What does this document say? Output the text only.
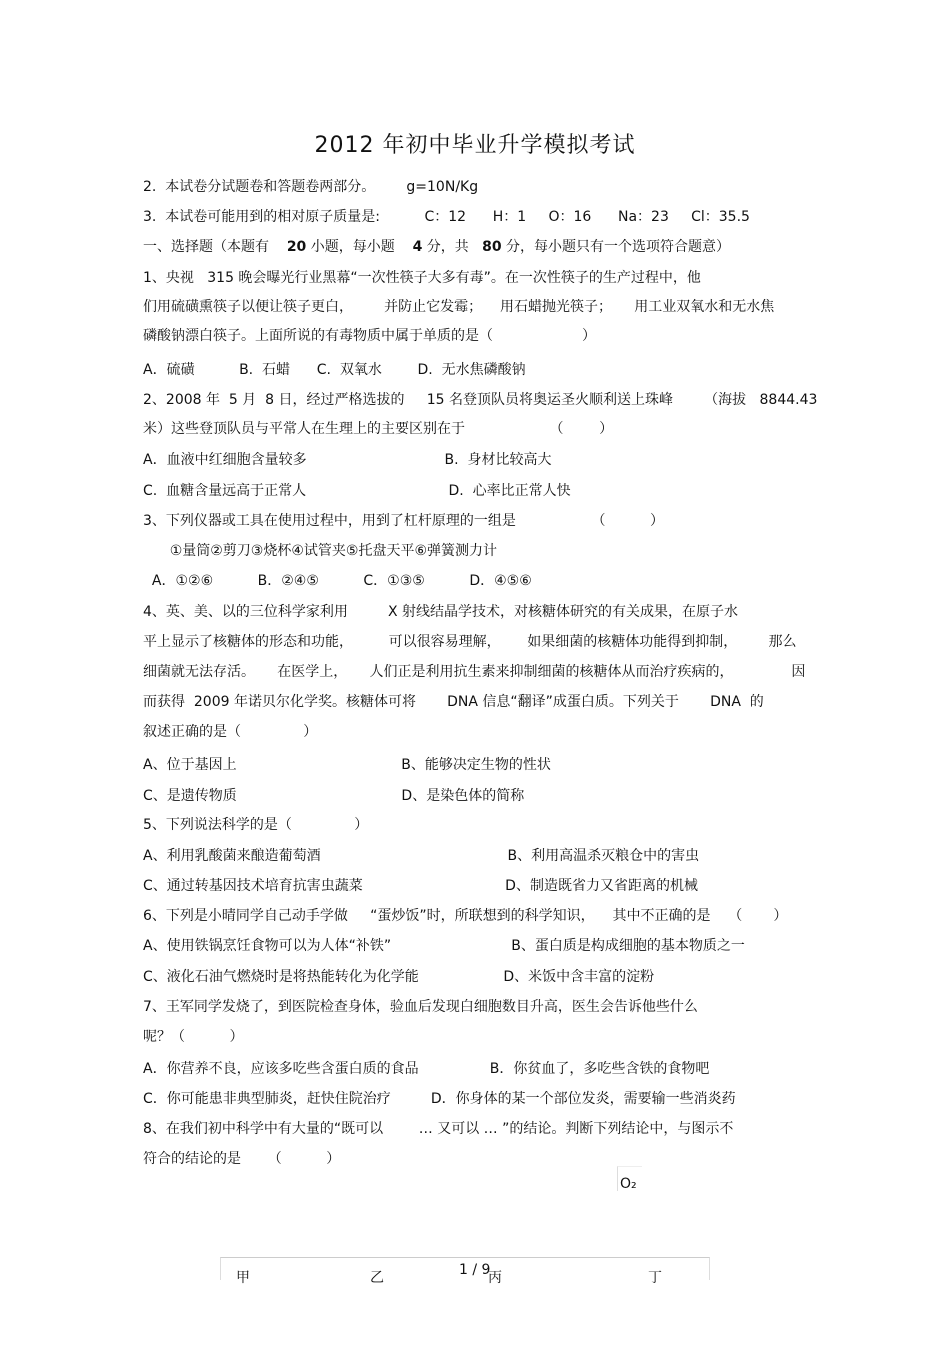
2012 年初中毕业升学模拟考试
2.  本试卷分试题卷和答题卷两部分。       g=10N/Kg
3.  本试卷可能用到的相对原子质量是:          C：12      H：1     O：16      Na：23     Cl：35.5
一、选择题（本题有    20 小题，每小题    4 分，共   80 分，每小题只有一个选项符合题意）
1、央视   315 晚会曝光行业黑幕“一次性筷子大多有毒”。在一次性筷子的生产过程中，他
们用硫磺熏筷子以便让筷子更白，       并防止它发霉；    用石蜡抛光筷子；     用工业双氧水和无水焦
磷酸钠漂白筷子。上面所说的有毒物质中属于单质的是（                    ）
A．硫磺          B.  石蜡      C.  双氧水        D.  无水焦磷酸钠
2、2008 年  5 月  8 日，经过严格选拔的     15 名登顶队员将奥运圣火顺利送上珠峰       （海拔   8844.43
米）这些登顶队员与平常人在生理上的主要区别在于                   （        ）
A．血液中红细胞含量较多                               B.  身材比较高大
C.  血糖含量远高于正常人                                D.  心率比正常人快
3、下列仪器或工具在使用过程中，用到了杠杆原理的一组是                 （          ）
①量筒②剪刀③烧杯④试管夹⑤托盘天平⑥弹簧测力计
A．①②⑥          B．②④⑤          C．①③⑤          D．④⑤⑥
4、英、美、以的三位科学家利用         X 射线结晶学技术，对核糖体研究的有关成果，在原子水
平上显示了核糖体的形态和功能，        可以很容易理解，      如果细菌的核糖体功能得到抑制，       那么
细菌就无法存活。     在医学上，     人们正是利用抗生素来抑制细菌的核糖体从而治疗疾病的，             因
而获得  2009 年诺贝尔化学奖。核糖体可将       DNA 信息“翻译”成蛋白质。下列关于       DNA  的
叙述正确的是（              ）
A、位于基因上                                     B、能够决定生物的性状
C、是遗传物质                                     D、是染色体的简称
5、下列说法科学的是（              ）
A、利用乳酸菌来酿造葡萄酒                                          B、利用高温杀灭粮仓中的害虫
C、通过转基因技术培育抗害虫蔬菜                                D、制造既省力又省距离的机械
6、下列是小晴同学自己动手学做     “蛋炒饭”时，所联想到的科学知识，    其中不正确的是    （       ）
A、使用铁锅烹饪食物可以为人体“补铁”                           B、蛋白质是构成细胞的基本物质之一
C、液化石油气燃烧时是将热能转化为化学能                   D、米饭中含丰富的淀粉
7、王军同学发烧了，到医院检查身体，验血后发现白细胞数目升高，医生会告诉他些什么
呢？（          ）
A．你营养不良，应该多吃些含蛋白质的食品                B．你贫血了，多吃些含铁的食物吧
C．你可能患非典型肺炎，赶快住院治疗         D．你身体的某一个部位发炎，需要输一些消炎药
8、在我们初中科学中有大量的“既可以        … 又可以 … ”的结论。判断下列结论中，与图示不
符合的结论的是      （          ）
O₂
甲	乙	丙	丁
1 / 9
